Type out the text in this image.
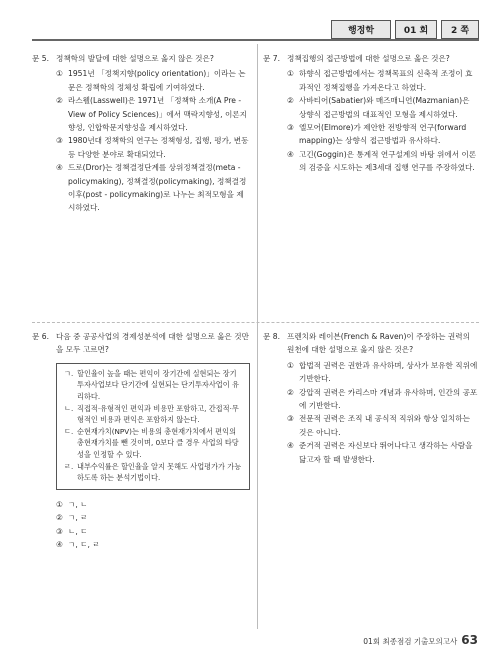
행정학	01 회	2 쪽
문 5. 정책학의 발달에 대한 설명으로 옳지 않은 것은?
① 1951년 「정책지향(policy orientation)」이라는 논문은 정책학의 정체성 확립에 기여하였다.
② 라스웰(Lasswell)은 1971년 「정책학 소개(A Pre - View of Policy Sciences)」에서 맥락지향성, 이론지향성, 인합학문지향성을 제시하였다.
③ 1980년대 정책학의 연구는 정책형성, 집행, 평가, 변동 등 다양한 분야로 확대되었다.
④ 드로(Dror)는 정책결정단계를 상위정책결정(meta - policymaking), 정책결정(policymaking), 정책결정 이후(post - policymaking)로 나누는 최적모형을 제시하였다.
문 7. 정책집행의 접근방법에 대한 설명으로 옳은 것은?
① 하향식 접근방법에서는 정책목표의 신축적 조정이 효과적인 정책집행을 가져온다고 하였다.
② 사바티어(Sabatier)와 매즈매니언(Mazmanian)은 상향식 접근방법의 대표적인 모형을 제시하였다.
③ 엘모어(Elmore)가 제안한 전방향적 연구(forward mapping)는 상향식 접근방법과 유사하다.
④ 고긴(Goggin)은 통계적 연구설계의 바탕 위에서 이론의 검증을 시도하는 제3세대 집행 연구를 주장하였다.
문 6. 다음 중 공공사업의 경제성분석에 대한 설명으로 옳은 것만을 모두 고르면?
ㄱ. 할인율이 높을 때는 편익이 장기간에 실현되는 장기투자사업보다 단기간에 실현되는 단기투자사업이 유리하다.
ㄴ. 직접적·유형적인 편익과 비용만 포함하고, 간접적·무형적인 비용과 편익은 포함하지 않는다.
ㄷ. 순현재가치(NPV)는 비용의 총현재가치에서 편익의 총현재가치를 뺀 것이며, 0보다 클 경우 사업의 타당성을 인정할 수 있다.
ㄹ. 내부수익률은 할인율을 알지 못해도 사업평가가 가능하도록 하는 분석기법이다.
① ㄱ, ㄴ
② ㄱ, ㄹ
③ ㄴ, ㄷ
④ ㄱ, ㄷ, ㄹ
문 8. 프렌치와 레이븐(French & Raven)이 주장하는 권력의 원천에 대한 설명으로 옳지 않은 것은?
① 합법적 권력은 권한과 유사하며, 상사가 보유한 직위에 기반한다.
② 강압적 권력은 카리스마 개념과 유사하며, 인간의 공포에 기반한다.
③ 전문적 권력은 조직 내 공식적 직위와 항상 일치하는 것은 아니다.
④ 준거적 권력은 자신보다 뛰어나다고 생각하는 사람을 닮고자 할 때 발생한다.
01회 최종점검 기출모의고사 63
